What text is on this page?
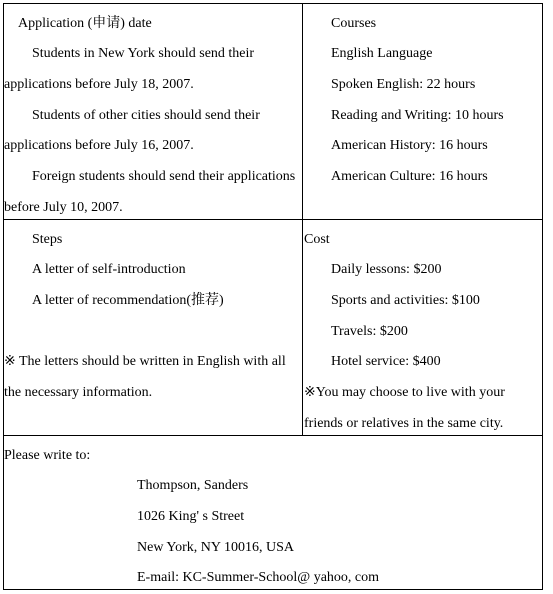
Application (申请) date
Students in New York should send their
applications before July 18, 2007.
Students of other cities should send their
applications before July 16, 2007.
Foreign students should send their applications
before July 10, 2007.
Courses
English Language
Spoken English: 22 hours
Reading and Writing: 10 hours
American History: 16 hours
American Culture: 16 hours
Steps
A letter of self-introduction
A letter of recommendation(推荐)
※ The letters should be written in English with all
the necessary information.
Cost
Daily lessons: $200
Sports and activities: $100
Travels: $200
Hotel service: $400
※You may choose to live with your
friends or relatives in the same city.
Please write to:
Thompson, Sanders
1026 King' s Street
New York, NY 10016, USA
E-mail: KC-Summer-School@ yahoo, com
